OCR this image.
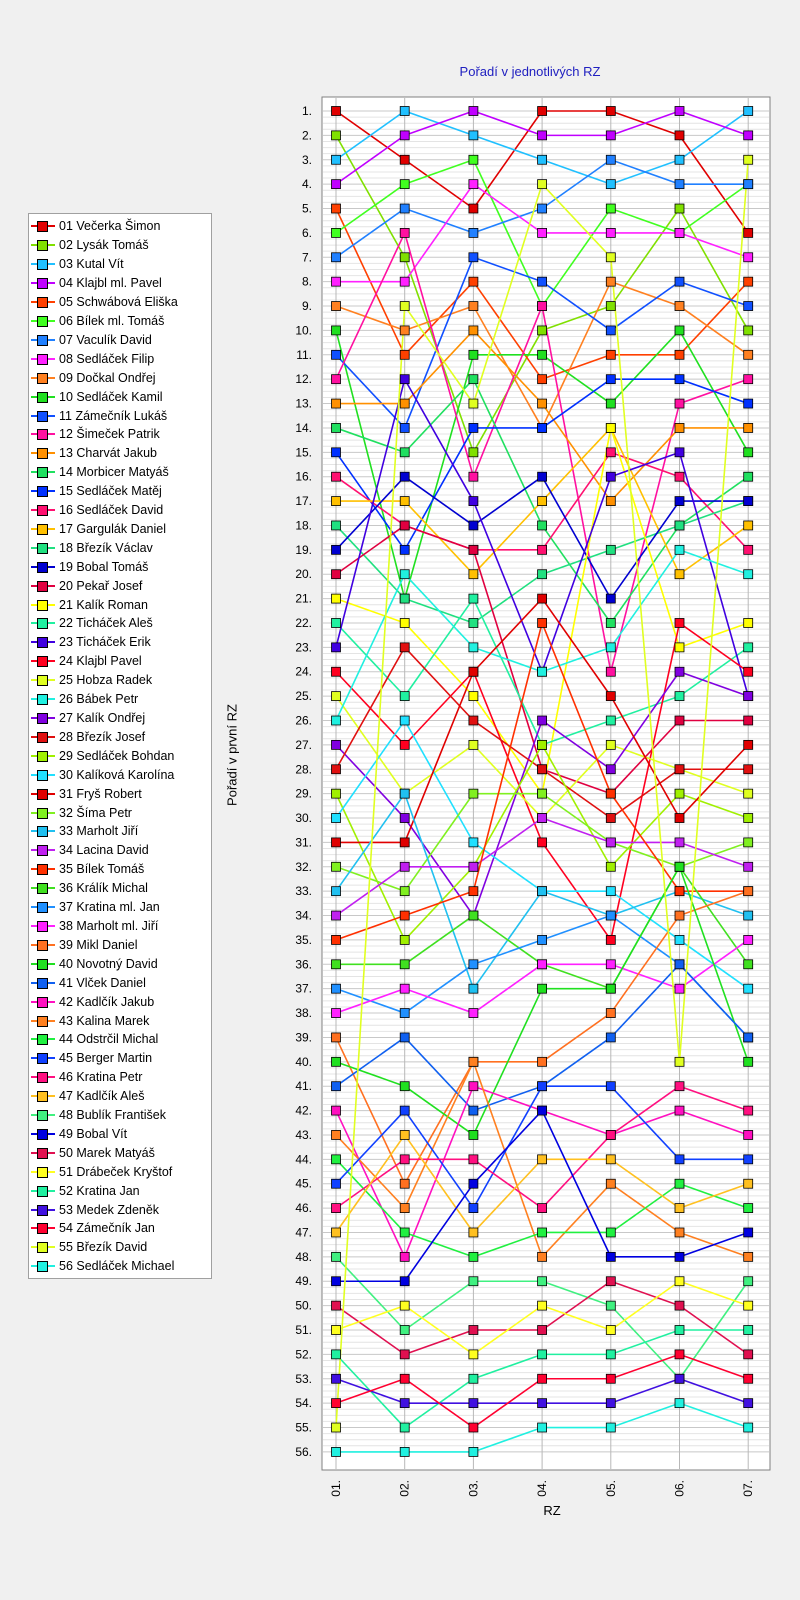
1.
2.
3.
4.
5.
6.
7.
8.
9.
10.
11.
12.
13.
14.
15.
16.
17.
18.
19.
20.
21.
22.
23.
24.
25.
26.
27.
28.
29.
30.
31.
32.
33.
34.
35.
36.
37.
38.
39.
40.
41.
42.
43.
44.
45.
46.
47.
48.
49.
50.
51.
52.
53.
54.
55.
56.
01.	02.	03.	04.	05.	06.	07.
Pořadí v jednotlivých RZ
Pořadí v první RZ
RZ
01 Večerka Šimon
02 Lysák Tomáš
03 Kutal Vít
04 Klajbl ml. Pavel
05 Schwábová Eliška
06 Bílek ml. Tomáš
07 Vaculík David
08 Sedláček Filip
09 Dočkal Ondřej
10 Sedláček Kamil
11 Zámečník Lukáš
12 Šimeček Patrik
13 Charvát Jakub
14 Morbicer Matyáš
15 Sedláček Matěj
16 Sedláček David
17 Gargulák Daniel
18 Březík Václav
19 Bobal Tomáš
20 Pekař Josef
21 Kalík Roman
22 Ticháček Aleš
23 Ticháček Erik
24 Klajbl Pavel
25 Hobza Radek
26 Bábek Petr
27 Kalík Ondřej
28 Březík Josef
29 Sedláček Bohdan
30 Kalíková Karolína
31 Fryš Robert
32 Šíma Petr
33 Marholt Jiří
34 Lacina David
35 Bílek Tomáš
36 Králík Michal
37 Kratina ml. Jan
38 Marholt ml. Jiří
39 Mikl Daniel
40 Novotný David
41 Vlček Daniel
42 Kadlčík Jakub
43 Kalina Marek
44 Odstrčil Michal
45 Berger Martin
46 Kratina Petr
47 Kadlčík Aleš
48 Bublík František
49 Bobal Vít
50 Marek Matyáš
51 Drábeček Kryštof
52 Kratina Jan
53 Medek Zdeněk
54 Zámečník Jan
55 Březík David
56 Sedláček Michael
